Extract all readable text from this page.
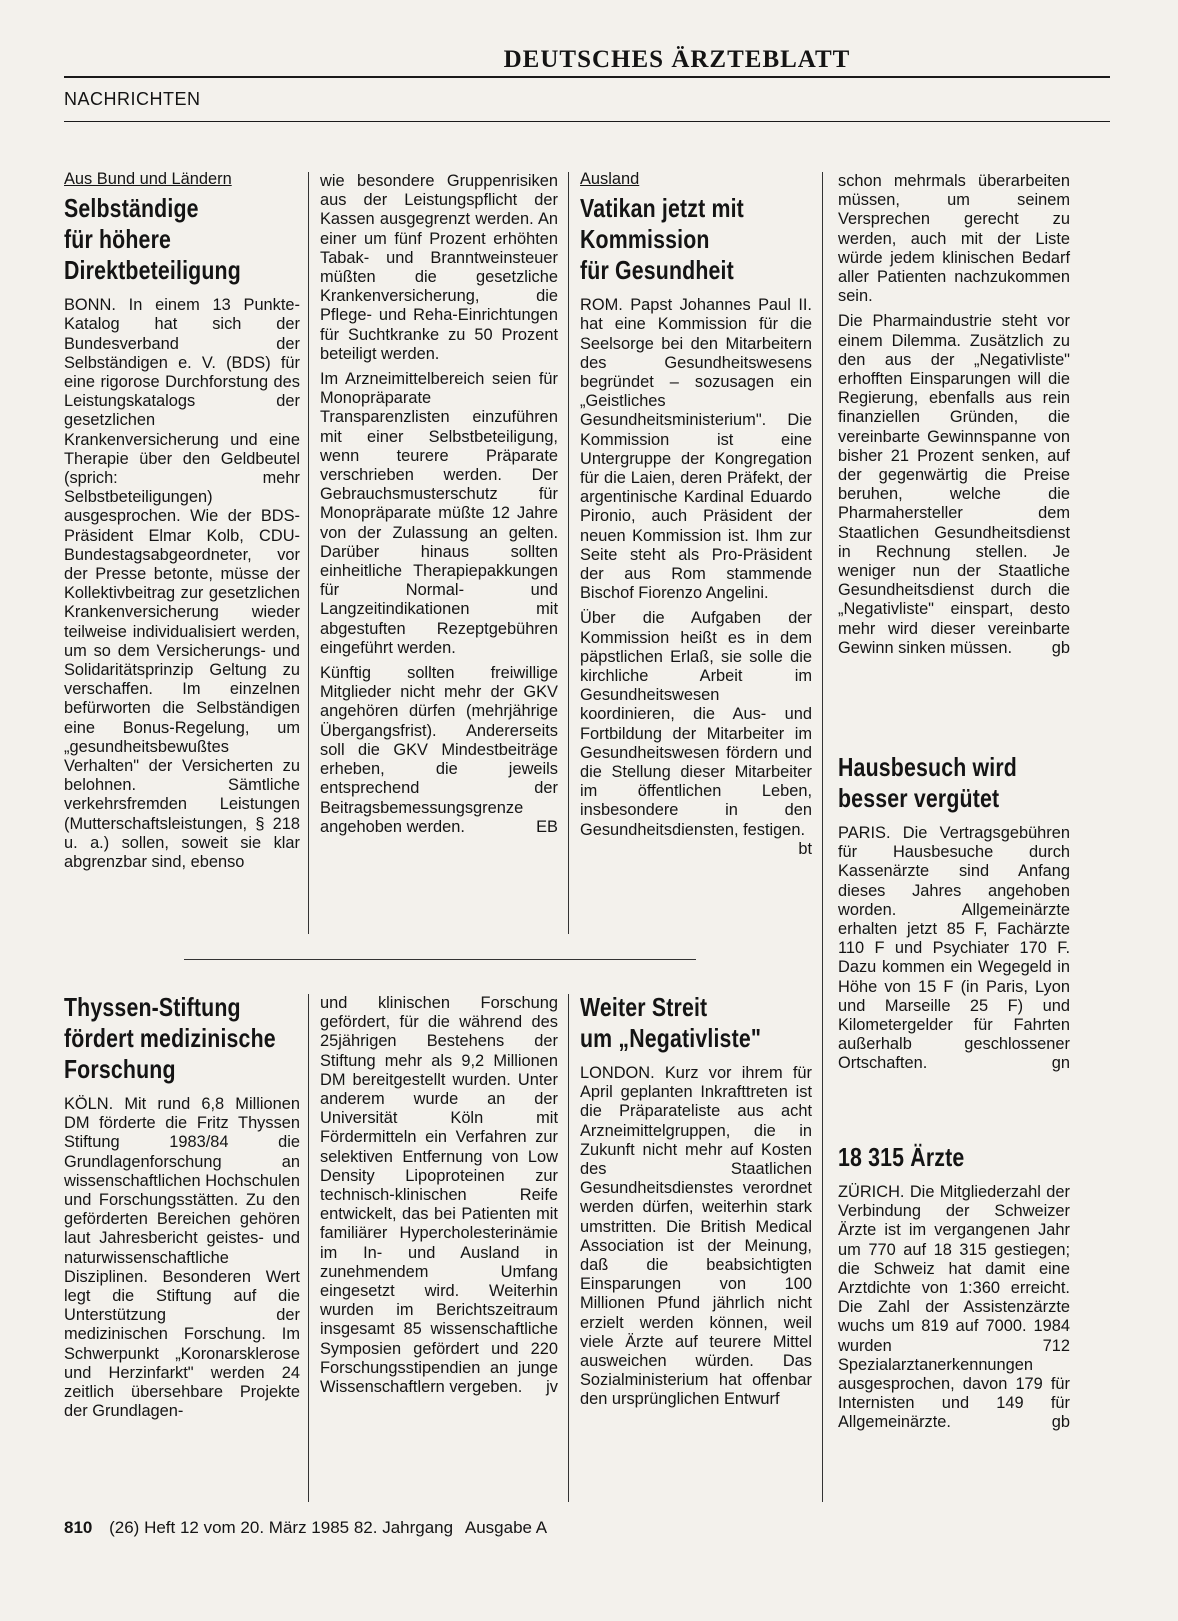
DEUTSCHES ÄRZTEBLATT
NACHRICHTEN
Aus Bund und Ländern
Selbständige
für höhere
Direktbeteiligung

BONN. In einem 13 Punkte-Katalog hat sich der Bundesverband der Selbständigen e. V. (BDS) für eine rigorose Durchforstung des Leistungskatalogs der gesetzlichen Krankenversicherung und eine Therapie über den Geldbeutel (sprich: mehr Selbstbeteiligungen) ausgesprochen. Wie der BDS-Präsident Elmar Kolb, CDU-Bundestagsabgeordneter, vor der Presse betonte, müsse der Kollektivbeitrag zur gesetzlichen Krankenversicherung wieder teilweise individualisiert werden, um so dem Versicherungs- und Solidaritätsprinzip Geltung zu verschaffen. Im einzelnen befürworten die Selbständigen eine Bonus-Regelung, um „gesundheitsbewußtes Verhalten" der Versicherten zu belohnen. Sämtliche verkehrsfremden Leistungen (Mutterschaftsleistungen, § 218 u. a.) sollen, soweit sie klar abgrenzbar sind, ebenso

wie besondere Gruppenrisiken aus der Leistungspflicht der Kassen ausgegrenzt werden. An einer um fünf Prozent erhöhten Tabak- und Branntweinsteuer müßten die gesetzliche Krankenversicherung, die Pflege- und Reha-Einrichtungen für Suchtkranke zu 50 Prozent beteiligt werden.

Im Arzneimittelbereich seien für Monopräparate Transparenzlisten einzuführen mit einer Selbstbeteiligung, wenn teurere Präparate verschrieben werden. Der Gebrauchsmusterschutz für Monopräparate müßte 12 Jahre von der Zulassung an gelten. Darüber hinaus sollten einheitliche Therapiepakkungen für Normal- und Langzeitindikationen mit abgestuften Rezeptgebühren eingeführt werden.

Künftig sollten freiwillige Mitglieder nicht mehr der GKV angehören dürfen (mehrjährige Übergangsfrist). Andererseits soll die GKV Mindestbeiträge erheben, die jeweils entsprechend der Beitragsbemessungsgrenze angehoben werden.	EB

Ausland
Vatikan jetzt mit
Kommission
für Gesundheit

ROM. Papst Johannes Paul II. hat eine Kommission für die Seelsorge bei den Mitarbeitern des Gesundheitswesens begründet – sozusagen ein „Geistliches Gesundheitsministerium". Die Kommission ist eine Untergruppe der Kongregation für die Laien, deren Präfekt, der argentinische Kardinal Eduardo Pironio, auch Präsident der neuen Kommission ist. Ihm zur Seite steht als Pro-Präsident der aus Rom stammende Bischof Fiorenzo Angelini.

Über die Aufgaben der Kommission heißt es in dem päpstlichen Erlaß, sie solle die kirchliche Arbeit im Gesundheitswesen koordinieren, die Aus- und Fortbildung der Mitarbeiter im Gesundheitswesen fördern und die Stellung dieser Mitarbeiter im öffentlichen Leben, insbesondere in den Gesundheitsdiensten, festigen.
bt

schon mehrmals überarbeiten müssen, um seinem Versprechen gerecht zu werden, auch mit der Liste würde jedem klinischen Bedarf aller Patienten nachzukommen sein.

Die Pharmaindustrie steht vor einem Dilemma. Zusätzlich zu den aus der „Negativliste" erhofften Einsparungen will die Regierung, ebenfalls aus rein finanziellen Gründen, die vereinbarte Gewinnspanne von bisher 21 Prozent senken, auf der gegenwärtig die Preise beruhen, welche die Pharmahersteller dem Staatlichen Gesundheitsdienst in Rechnung stellen. Je weniger nun der Staatliche Gesundheitsdienst durch die „Negativliste" einspart, desto mehr wird dieser vereinbarte Gewinn sinken müssen. gb

Hausbesuch wird
besser vergütet

PARIS. Die Vertragsgebühren für Hausbesuche durch Kassenärzte sind Anfang dieses Jahres angehoben worden. Allgemeinärzte erhalten jetzt 85 F, Fachärzte 110 F und Psychiater 170 F. Dazu kommen ein Wegegeld in Höhe von 15 F (in Paris, Lyon und Marseille 25 F) und Kilometergelder für Fahrten außerhalb geschlossener Ortschaften.	gn

18 315 Ärzte

ZÜRICH. Die Mitgliederzahl der Verbindung der Schweizer Ärzte ist im vergangenen Jahr um 770 auf 18 315 gestiegen; die Schweiz hat damit eine Arztdichte von 1:360 erreicht. Die Zahl der Assistenzärzte wuchs um 819 auf 7000. 1984 wurden 712 Spezialarztanerkennungen ausgesprochen, davon 179 für Internisten und 149 für Allgemeinärzte.	gb

Thyssen-Stiftung
fördert medizinische
Forschung

KÖLN. Mit rund 6,8 Millionen DM förderte die Fritz Thyssen Stiftung 1983/84 die Grundlagenforschung an wissenschaftlichen Hochschulen und Forschungsstätten. Zu den geförderten Bereichen gehören laut Jahresbericht geistes- und naturwissenschaftliche Disziplinen. Besonderen Wert legt die Stiftung auf die Unterstützung der medizinischen Forschung. Im Schwerpunkt „Koronarsklerose und Herzinfarkt" werden 24 zeitlich übersehbare Projekte der Grundlagen-

und klinischen Forschung gefördert, für die während des 25jährigen Bestehens der Stiftung mehr als 9,2 Millionen DM bereitgestellt wurden. Unter anderem wurde an der Universität Köln mit Fördermitteln ein Verfahren zur selektiven Entfernung von Low Density Lipoproteinen zur technisch-klinischen Reife entwickelt, das bei Patienten mit familiärer Hypercholesterinämie im In- und Ausland in zunehmendem Umfang eingesetzt wird. Weiterhin wurden im Berichtszeitraum insgesamt 85 wissenschaftliche Symposien gefördert und 220 Forschungsstipendien an junge Wissenschaftlern vergeben. jv

Weiter Streit
um „Negativliste"

LONDON. Kurz vor ihrem für April geplanten Inkrafttreten ist die Präparateliste aus acht Arzneimittelgruppen, die in Zukunft nicht mehr auf Kosten des Staatlichen Gesundheitsdienstes verordnet werden dürfen, weiterhin stark umstritten. Die British Medical Association ist der Meinung, daß die beabsichtigten Einsparungen von 100 Millionen Pfund jährlich nicht erzielt werden können, weil viele Ärzte auf teurere Mittel ausweichen würden. Das Sozialministerium hat offenbar den ursprünglichen Entwurf

810 (26) Heft 12 vom 20. März 1985 82. Jahrgang Ausgabe A
